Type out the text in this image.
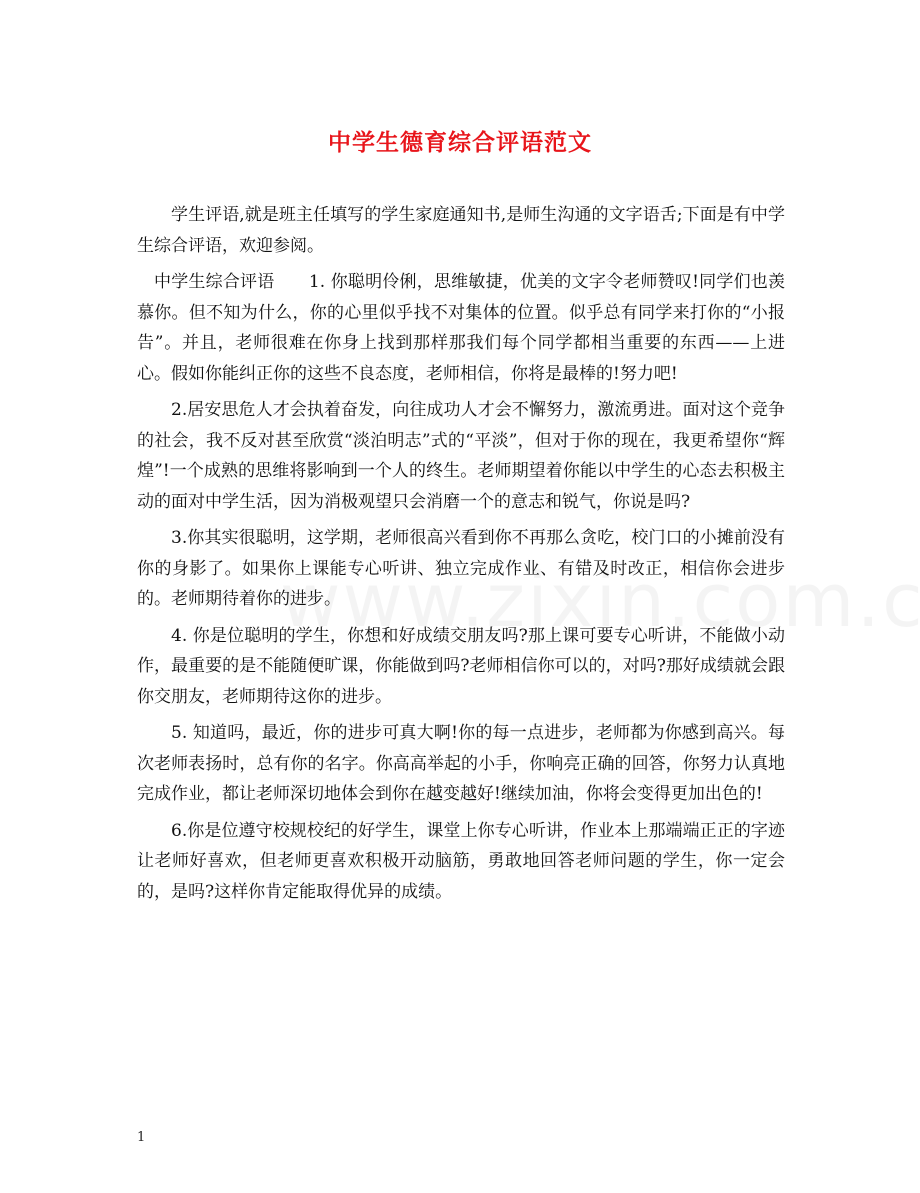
中学生德育综合评语范文

学生评语,就是班主任填写的学生家庭通知书,是师生沟通的文字语舌;下面是有中学生综合评语，欢迎参阅。

中学生综合评语　　1. 你聪明伶俐，思维敏捷，优美的文字令老师赞叹!同学们也羡慕你。但不知为什么，你的心里似乎找不对集体的位置。似乎总有同学来打你的“小报告”。并且，老师很难在你身上找到那样那我们每个同学都相当重要的东西——上进心。假如你能纠正你的这些不良态度，老师相信，你将是最棒的!努力吧!

2.居安思危人才会执着奋发，向往成功人才会不懈努力，激流勇进。面对这个竞争的社会，我不反对甚至欣赏“淡泊明志”式的“平淡”，但对于你的现在，我更希望你“辉煌”!一个成熟的思维将影响到一个人的终生。老师期望着你能以中学生的心态去积极主动的面对中学生活，因为消极观望只会消磨一个的意志和锐气，你说是吗?

3.你其实很聪明，这学期，老师很高兴看到你不再那么贪吃，校门口的小摊前没有你的身影了。如果你上课能专心听讲、独立完成作业、有错及时改正，相信你会进步的。老师期待着你的进步。

4. 你是位聪明的学生，你想和好成绩交朋友吗?那上课可要专心听讲，不能做小动作，最重要的是不能随便旷课，你能做到吗?老师相信你可以的，对吗?那好成绩就会跟你交朋友，老师期待这你的进步。

5. 知道吗，最近，你的进步可真大啊!你的每一点进步，老师都为你感到高兴。每次老师表扬时，总有你的名字。你高高举起的小手，你响亮正确的回答，你努力认真地完成作业，都让老师深切地体会到你在越变越好!继续加油，你将会变得更加出色的!

6.你是位遵守校规校纪的好学生，课堂上你专心听讲，作业本上那端端正正的字迹让老师好喜欢，但老师更喜欢积极开动脑筋，勇敢地回答老师问题的学生，你一定会的，是吗?这样你肯定能取得优异的成绩。

1
